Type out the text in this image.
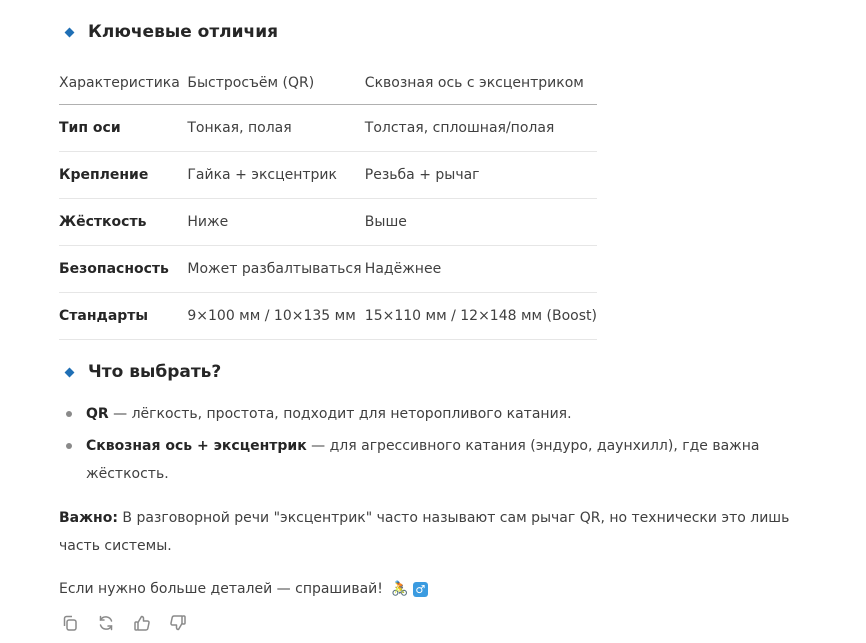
Ключевые отличия
Характеристика	Быстросъём (QR)	Сквозная ось с эксцентриком
Тип оси	Тонкая, полая	Толстая, сплошная/полая
Крепление	Гайка + эксцентрик	Резьба + рычаг
Жёсткость	Ниже	Выше
Безопасность	Может разбалтываться	Надёжнее
Стандарты	9×100 мм / 10×135 мм	15×110 мм / 12×148 мм (Boost)
Что выбрать?
QR — лёгкость, простота, подходит для неторопливого катания.
Сквозная ось + эксцентрик — для агрессивного катания (эндуро, даунхилл), где важна жёсткость.

Важно: В разговорной речи "эксцентрик" часто называют сам рычаг QR, но технически это лишь часть системы.

Если нужно больше деталей — спрашивай! 🚴 ♂
